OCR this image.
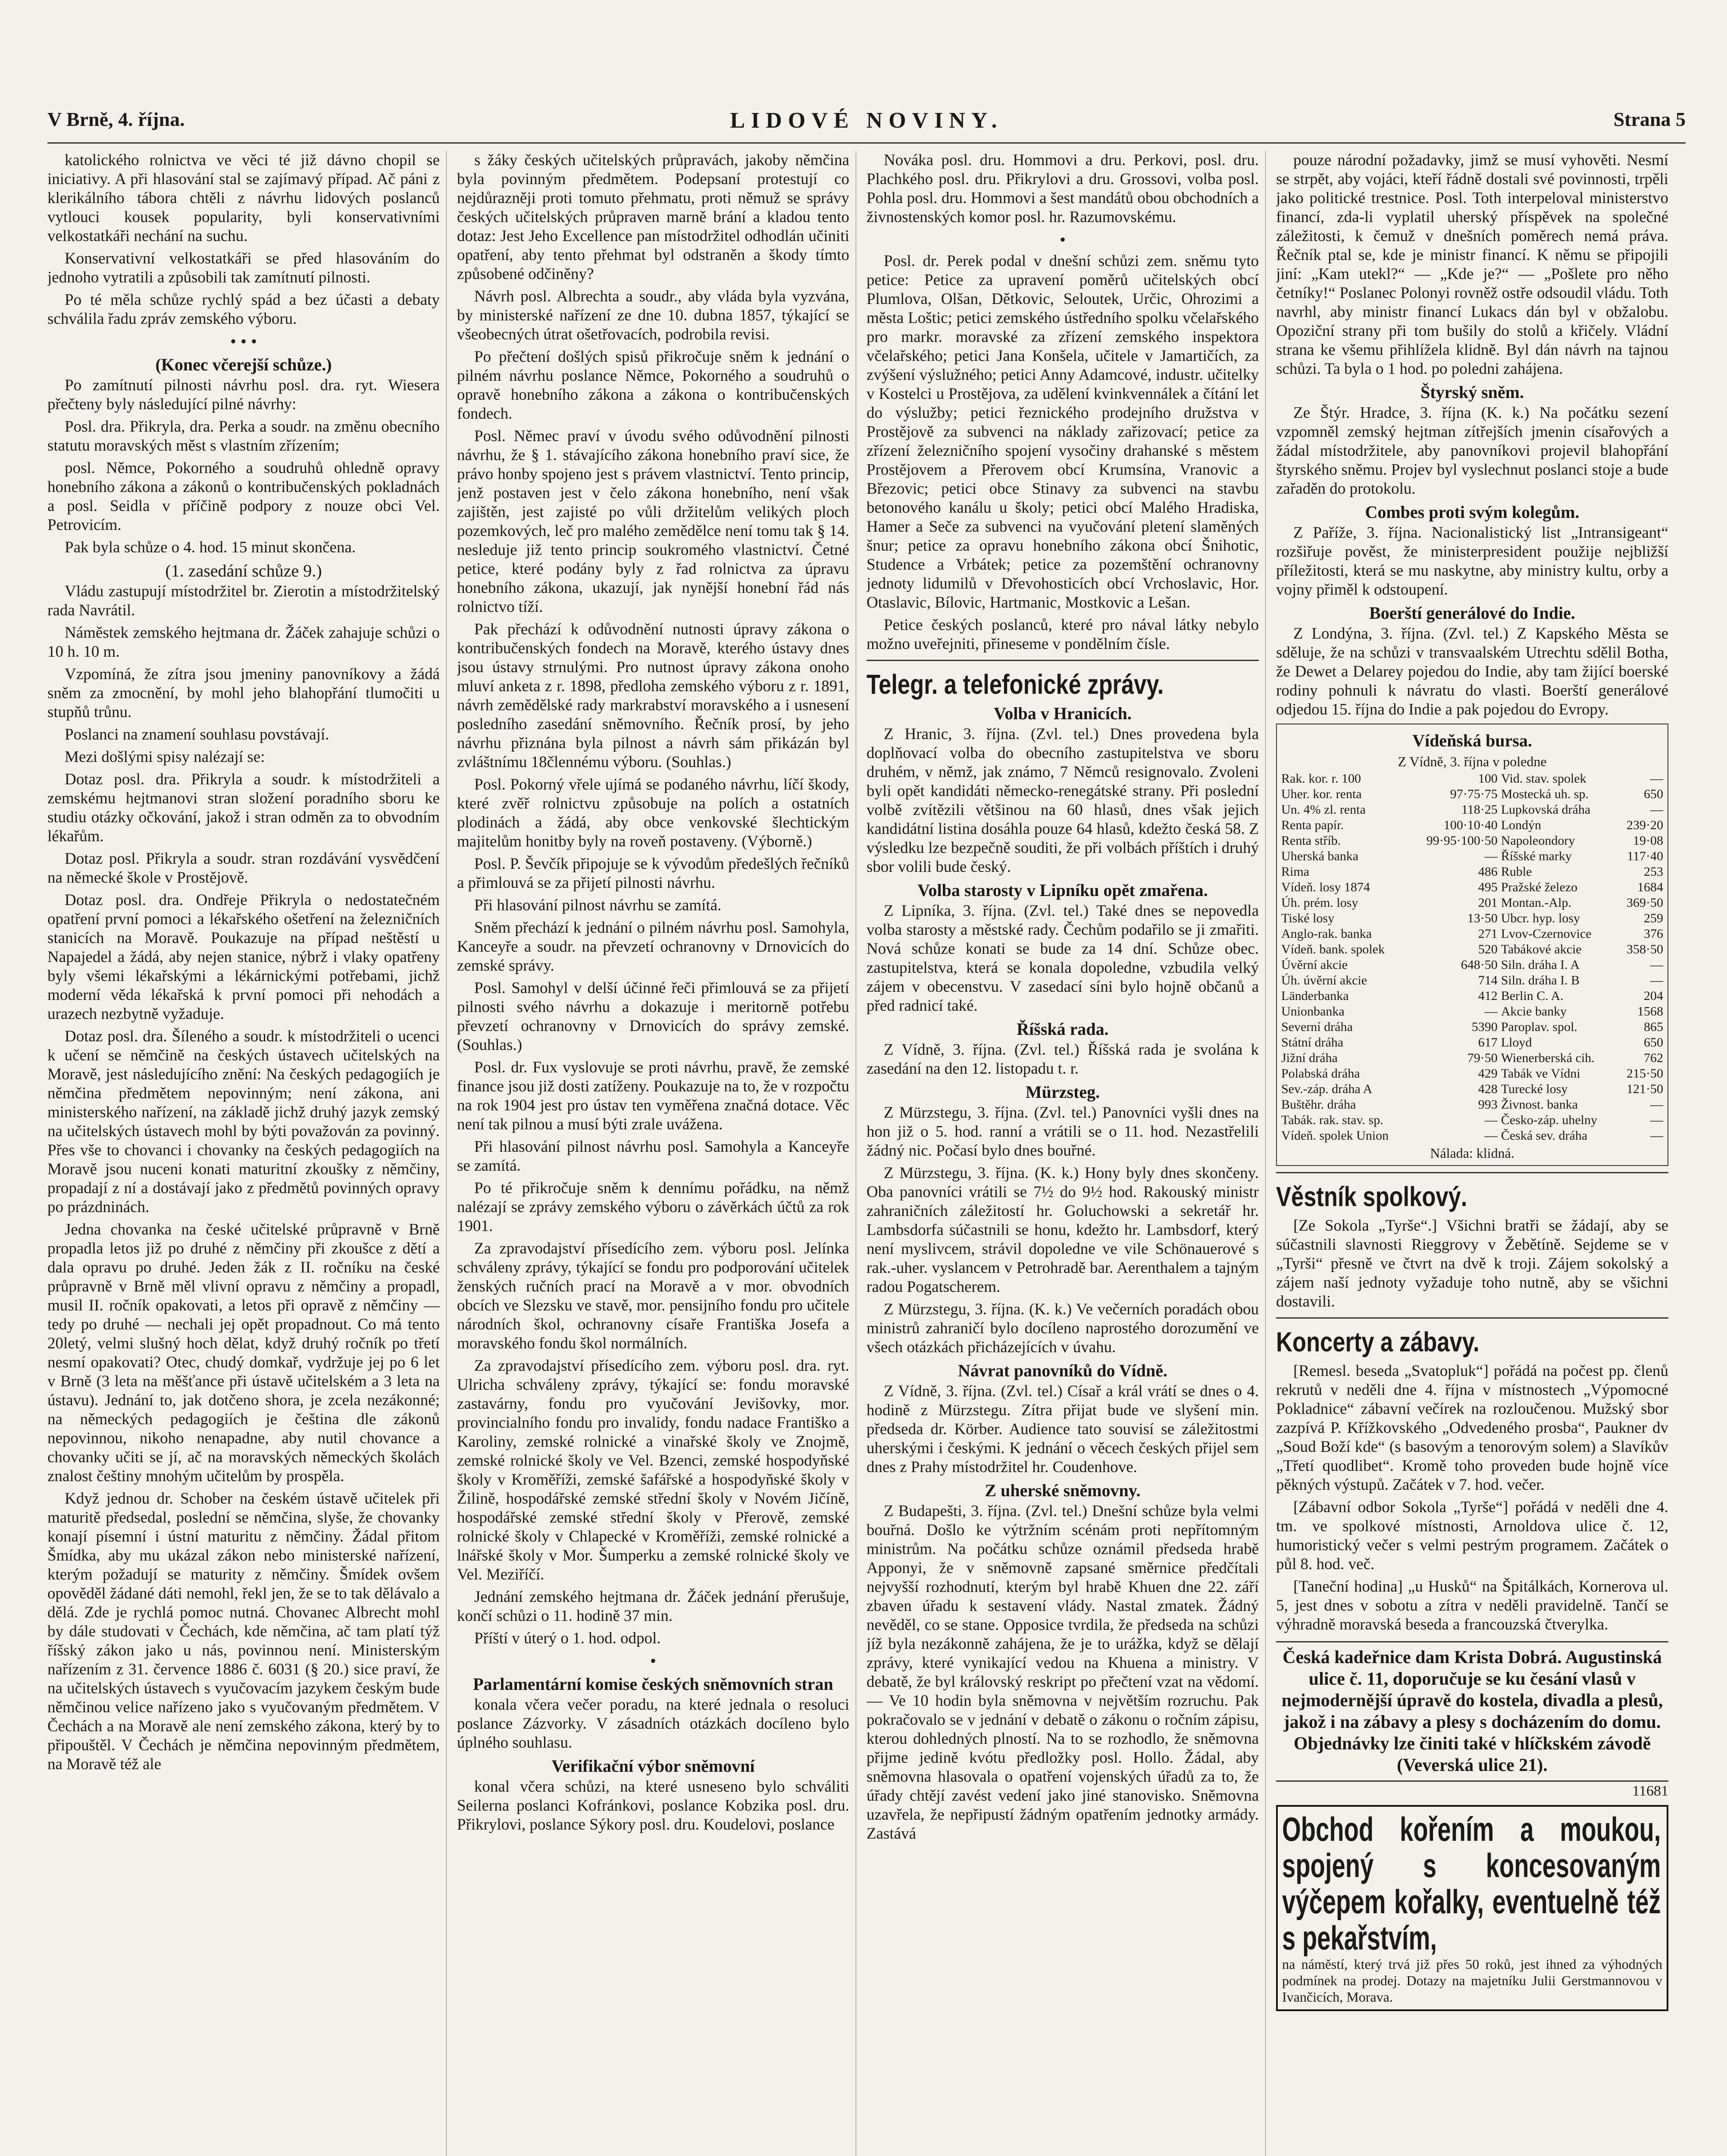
V Brně, 4. října.	LIDOVÉ NOVINY.	Strana 5

katolického rolnictva ve věci té již dávno chopil se iniciativy. A při hlasování stal se zajímavý případ. Ač páni z klerikálního tábora chtěli z návrhu lidových poslanců vytlouci kousek popularity, byli konservativními velkostatkáři nechání na suchu.

Konservativní velkostatkáři se před hlasováním do jednoho vytratili a způsobili tak zamítnutí pilnosti.

Po té měla schůze rychlý spád a bez účasti a debaty schválila řadu zpráv zemského výboru.

• • •
(Konec včerejší schůze.)

Po zamítnutí pilnosti návrhu posl. dra. ryt. Wiesera přečteny byly následující pilné návrhy:

Posl. dra. Přikryla, dra. Perka a soudr. na změnu obecního statutu moravských měst s vlastním zřízením;

posl. Němce, Pokorného a soudruhů ohledně opravy honebního zákona a zákonů o kontribučenských pokladnách a posl. Seidla v příčině podpory z nouze obci Vel. Petrovicím.

Pak byla schůze o 4. hod. 15 minut skončena.

(1. zasedání schůze 9.)

Vládu zastupují místodržitel br. Zierotin a místodržitelský rada Navrátil.

Náměstek zemského hejtmana dr. Žáček zahajuje schůzi o 10 h. 10 m.

Vzpomíná, že zítra jsou jmeniny panovníkovy a žádá sněm za zmocnění, by mohl jeho blahopřání tlumočiti u stupňů trůnu.

Poslanci na znamení souhlasu povstávají.

Mezi došlými spisy nalézají se:

Dotaz posl. dra. Přikryla a soudr. k místodržiteli a zemskému hejtmanovi stran složení poradního sboru ke studiu otázky očkování, jakož i stran odměn za to obvodním lékařům.

Dotaz posl. Přikryla a soudr. stran rozdávání vysvědčení na německé škole v Prostějově.

Dotaz posl. dra. Ondřeje Přikryla o nedostatečném opatření první pomoci a lékařského ošetření na železničních stanicích na Moravě. Poukazuje na případ neštěstí u Napajedel a žádá, aby nejen stanice, nýbrž i vlaky opatřeny byly všemi lékařskými a lékárnickými potřebami, jichž moderní věda lékařská k první pomoci při nehodách a urazech nezbytně vyžaduje.

Dotaz posl. dra. Šíleného a soudr. k místodržiteli o ucenci k učení se němčině na českých ústavech učitelských na Moravě, jest následujícího znění: Na českých pedagogiích je němčina předmětem nepovinným; není zákona, ani ministerského nařízení, na základě jichž druhý jazyk zemský na učitelských ústavech mohl by býti považován za povinný. Přes vše to chovanci i chovanky na českých pedagogiích na Moravě jsou nuceni konati maturitní zkoušky z němčiny, propadají z ní a dostávají jako z předmětů povinných opravy po prázdninách.

Jedna chovanka na české učitelské průpravně v Brně propadla letos již po druhé z němčiny při zkoušce z dětí a dala opravu po druhé. Jeden žák z II. ročníku na české průpravně v Brně měl vlivní opravu z němčiny a propadl, musil II. ročník opakovati, a letos při opravě z němčiny — tedy po druhé — nechali jej opět propadnout. Co má tento 20letý, velmi slušný hoch dělat, když druhý ročník po třetí nesmí opakovati? Otec, chudý domkař, vydržuje jej po 6 let v Brně (3 leta na měšťance při ústavě učitelském a 3 leta na ústavu). Jednání to, jak dotčeno shora, je zcela nezákonné; na německých pedagogiích je čeština dle zákonů nepovinnou, nikoho nenapadne, aby nutil chovance a chovanky učiti se jí, ač na moravských německých školách znalost češtiny mnohým učitelům by prospěla.

Když jednou dr. Schober na českém ústavě učitelek při maturitě předsedal, poslední se němčina, slyše, že chovanky konají písemní i ústní maturitu z němčiny. Žádal přitom Šmídka, aby mu ukázal zákon nebo ministerské nařízení, kterým požadují se maturity z němčiny. Šmídek ovšem opověděl žádané dáti nemohl, řekl jen, že se to tak dělávalo a dělá. Zde je rychlá pomoc nutná. Chovanec Albrecht mohl by dále studovati v Čechách, kde němčina, ač tam platí týž říšský zákon jako u nás, povinnou není. Ministerským nařízením z 31. července 1886 č. 6031 (§ 20.) sice praví, že na učitelských ústavech s vyučovacím jazykem českým bude němčinou velice nařízeno jako s vyučovaným předmětem. V Čechách a na Moravě ale není zemského zákona, který by to připouštěl. V Čechách je němčina nepovinným předmětem, na Moravě též ale

s žáky českých učitelských průpravách, jakoby němčina byla povinným předmětem. Podepsaní protestují co nejdůrazněji proti tomuto přehmatu, proti němuž se správy českých učitelských průpraven marně brání a kladou tento dotaz: Jest Jeho Excellence pan místodržitel odhodlán učiniti opatření, aby tento přehmat byl odstraněn a škody tímto způsobené odčiněny?

Návrh posl. Albrechta a soudr., aby vláda byla vyzvána, by ministerské nařízení ze dne 10. dubna 1857, týkající se všeobecných útrat ošetřovacích, podrobila revisi.

Po přečtení došlých spisů přikročuje sněm k jednání o pilném návrhu poslance Němce, Pokorného a soudruhů o opravě honebního zákona a zákona o kontribučenských fondech.

Posl. Němec praví v úvodu svého odůvodnění pilnosti návrhu, že § 1. stávajícího zákona honebního praví sice, že právo honby spojeno jest s právem vlastnictví. Tento princip, jenž postaven jest v čelo zákona honebního, není však zajištěn, jest zajisté po vůli držitelům velikých ploch pozemkových, leč pro malého zemědělce není tomu tak § 14. nesleduje již tento princip soukromého vlastnictví. Četné petice, které podány byly z řad rolnictva za úpravu honebního zákona, ukazují, jak nynější honební řád nás rolnictvo tíží.

Pak přechází k odůvodnění nutnosti úpravy zákona o kontribučenských fondech na Moravě, kterého ústavy dnes jsou ústavy strnulými. Pro nutnost úpravy zákona onoho mluví anketa z r. 1898, předloha zemského výboru z r. 1891, návrh zemědělské rady markrabství moravského a i usnesení posledního zasedání sněmovního. Řečník prosí, by jeho návrhu přiznána byla pilnost a návrh sám přikázán byl zvláštnímu 18člennému výboru. (Souhlas.)

Posl. Pokorný vřele ujímá se podaného návrhu, líčí škody, které zvěř rolnictvu způsobuje na polích a ostatních plodinách a žádá, aby obce venkovské šlechtickým majitelům honitby byly na roveň postaveny. (Výborně.)

Posl. P. Ševčík připojuje se k vývodům předešlých řečníků a přimlouvá se za přijetí pilnosti návrhu.

Při hlasování pilnost návrhu se zamítá.

Sněm přechází k jednání o pilném návrhu posl. Samohyla, Kanceyře a soudr. na převzetí ochranovny v Drnovicích do zemské správy.

Posl. Samohyl v delší účinné řeči přimlouvá se za přijetí pilnosti svého návrhu a dokazuje i meritorně potřebu převzetí ochranovny v Drnovicích do správy zemské. (Souhlas.)

Posl. dr. Fux vyslovuje se proti návrhu, pravě, že zemské finance jsou již dosti zatíženy. Poukazuje na to, že v rozpočtu na rok 1904 jest pro ústav ten vyměřena značná dotace. Věc není tak pilnou a musí býti zrale uvážena.

Při hlasování pilnost návrhu posl. Samohyla a Kanceyře se zamítá.

Po té přikročuje sněm k dennímu pořádku, na němž nalézají se zprávy zemského výboru o závěrkách účtů za rok 1901.

Za zpravodajství přísedícího zem. výboru posl. Jelínka schváleny zprávy, týkající se fondu pro podporování učitelek ženských ručních prací na Moravě a v mor. obvodních obcích ve Slezsku ve stavě, mor. pensijního fondu pro učitele národních škol, ochranovny císaře Františka Josefa a moravského fondu škol normálních.

Za zpravodajství přísedícího zem. výboru posl. dra. ryt. Ulricha schváleny zprávy, týkající se: fondu moravské zastavárny, fondu pro vyučování Jevišovky, mor. provincialního fondu pro invalidy, fondu nadace Františko a Karoliny, zemské rolnické a vinařské školy ve Znojmě, zemské rolnické školy ve Vel. Bzenci, zemské hospodyňské školy v Kroměříži, zemské šafářské a hospodyňské školy v Žilině, hospodářské zemské střední školy v Novém Jičíně, hospodářské zemské střední školy v Přerově, zemské rolnické školy v Chlapecké v Kroměříži, zemské rolnické a lnářské školy v Mor. Šumperku a zemské rolnické školy ve Vel. Meziříčí.

Jednání zemského hejtmana dr. Žáček jednání přerušuje, končí schůzi o 11. hodině 37 min.

Příští v úterý o 1. hod. odpol.

•
Parlamentární komise českých sněmovních stran

konala včera večer poradu, na které jednala o resoluci poslance Zázvorky. V zásadních otázkách docíleno bylo úplného souhlasu.

Verifikační výbor sněmovní

konal včera schůzi, na které usneseno bylo schváliti Seilerna poslanci Kofránkovi, poslance Kobzika posl. dru. Přikrylovi, poslance Sýkory posl. dru. Koudelovi, poslance

Nováka posl. dru. Hommovi a dru. Perkovi, posl. dru. Plachkého posl. dru. Přikrylovi a dru. Grossovi, volba posl. Pohla posl. dru. Hommovi a šest mandátů obou obchodních a živnostenských komor posl. hr. Razumovskému.

•

Posl. dr. Perek podal v dnešní schůzi zem. sněmu tyto petice: Petice za upravení poměrů učitelských obcí Plumlova, Olšan, Dětkovic, Seloutek, Určic, Ohrozimi a města Loštic; petici zemského ústředního spolku včelařského pro markr. moravské za zřízení zemského inspektora včelařského; petici Jana Konšela, učitele v Jamartičích, za zvýšení výslužného; petici Anny Adamcové, industr. učitelky v Kostelci u Prostějova, za udělení kvinkvennálek a čítání let do výslužby; petici řeznického prodejního družstva v Prostějově za subvenci na náklady zařizovací; petice za zřízení železničního spojení vysočiny drahanské s městem Prostějovem a Přerovem obcí Krumsína, Vranovic a Březovic; petici obce Stinavy za subvenci na stavbu betonového kanálu u školy; petici obcí Malého Hradiska, Hamer a Seče za subvenci na vyučování pletení slaměných šnur; petice za opravu honebního zákona obcí Šnihotic, Studence a Vrbátek; petice za pozemštění ochranovny jednoty lidumilů v Dřevohosticích obcí Vrchoslavic, Hor. Otaslavic, Bílovic, Hartmanic, Mostkovic a Lešan.

Petice českých poslanců, které pro nával látky nebylo možno uveřejniti, přineseme v pondělním čísle.

Telegr. a telefonické zprávy.
Volba v Hranicích.

Z Hranic, 3. října. (Zvl. tel.) Dnes provedena byla doplňovací volba do obecního zastupitelstva ve sboru druhém, v němž, jak známo, 7 Němců resignovalo. Zvoleni byli opět kandidáti německo-renegátské strany. Při poslední volbě zvítězili většinou na 60 hlasů, dnes však jejich kandidátní listina dosáhla pouze 64 hlasů, kdežto česká 58. Z výsledku lze bezpečně souditi, že při volbách příštích i druhý sbor volili bude český.

Volba starosty v Lipníku opět zmařena.

Z Lipníka, 3. října. (Zvl. tel.) Také dnes se nepovedla volba starosty a městské rady. Čechům podařilo se ji zmařiti. Nová schůze konati se bude za 14 dní. Schůze obec. zastupitelstva, která se konala dopoledne, vzbudila velký zájem v obecenstvu. V zasedací síni bylo hojně občanů a před radnicí také.

Říšská rada.

Z Vídně, 3. října. (Zvl. tel.) Říšská rada je svolána k zasedání na den 12. listopadu t. r.

Mürzsteg.

Z Mürzstegu, 3. října. (Zvl. tel.) Panovníci vyšli dnes na hon již o 5. hod. ranní a vrátili se o 11. hod. Nezastřelili žádný nic. Počasí bylo dnes bouřné.

Z Mürzstegu, 3. října. (K. k.) Hony byly dnes skončeny. Oba panovníci vrátili se 7½ do 9½ hod. Rakouský ministr zahraničních záležitostí hr. Goluchowski a sekretář hr. Lambsdorfa súčastnili se honu, kdežto hr. Lambsdorf, který není myslivcem, strávil dopoledne ve vile Schönauerové s rak.-uher. vyslancem v Petrohradě bar. Aerenthalem a tajným radou Pogatscherem.

Z Mürzstegu, 3. října. (K. k.) Ve večerních poradách obou ministrů zahraničí bylo docíleno naprostého dorozumění ve všech otázkách přicházejících v úvahu.

Návrat panovníků do Vídně.

Z Vídně, 3. října. (Zvl. tel.) Císař a král vrátí se dnes o 4. hodině z Mürzstegu. Zítra přijat bude ve slyšení min. předseda dr. Körber. Audience tato souvisí se záležitostmi uherskými i českými. K jednání o věcech českých přijel sem dnes z Prahy místodržitel hr. Coudenhove.

Z uherské sněmovny.

Z Budapešti, 3. října. (Zvl. tel.) Dnešní schůze byla velmi bouřná. Došlo ke výtržním scénám proti nepřítomným ministrům. Na počátku schůze oznámil předseda hrabě Apponyi, že v sněmovně zapsané směrnice předčítali nejvyšší rozhodnutí, kterým byl hrabě Khuen dne 22. září zbaven úřadu k sestavení vlády. Nastal zmatek. Žádný nevěděl, co se stane. Opposice tvrdila, že předseda na schůzi jíž byla nezákonně zahájena, že je to urážka, když se dělají zprávy, které vynikající vedou na Khuena a ministry. V debatě, že byl královský reskript po přečtení vzat na vědomí. — Ve 10 hodin byla sněmovna v největším rozruchu. Pak pokračovalo se v jednání v debatě o zákonu o ročním zápisu, kterou dohledných plností. Na to se rozhodlo, že sněmovna přijme jedině kvótu předložky posl. Hollo. Žádal, aby sněmovna hlasovala o opatření vojenských úřadů za to, že úřady chtějí zavést vedení jako jiné stanovisko. Sněmovna uzavřela, že nepřipustí žádným opatřením jednotky armády. Zastává

pouze národní požadavky, jimž se musí vyhověti. Nesmí se strpět, aby vojáci, kteří řádně dostali své povinnosti, trpěli jako politické trestnice. Posl. Toth interpeloval ministerstvo financí, zda-li vyplatil uherský příspěvek na společné záležitosti, k čemuž v dnešních poměrech nemá práva. Řečník ptal se, kde je ministr financí. K němu se připojili jiní: „Kam utekl?“ — „Kde je?“ — „Pošlete pro něho četníky!“ Poslanec Polonyi rovněž ostře odsoudil vládu. Toth navrhl, aby ministr financí Lukacs dán byl v obžalobu. Opoziční strany při tom bušily do stolů a křičely. Vládní strana ke všemu přihlížela klidně. Byl dán návrh na tajnou schůzi. Ta byla o 1 hod. po poledni zahájena.

Štyrský sněm.

Ze Štýr. Hradce, 3. října (K. k.) Na počátku sezení vzpomněl zemský hejtman zítřejších jmenin císařových a žádal místodržitele, aby panovníkovi projevil blahopřání štyrského sněmu. Projev byl vyslechnut poslanci stoje a bude zařaděn do protokolu.

Combes proti svým kolegům.

Z Paříže, 3. října. Nacionalistický list „Intransigeant“ rozšiřuje pověst, že ministerpresident použije nejbližší příležitosti, která se mu naskytne, aby ministry kultu, orby a vojny přiměl k odstoupení.

Boerští generálové do Indie.

Z Londýna, 3. října. (Zvl. tel.) Z Kapského Města se sděluje, že na schůzi v transvaalském Utrechtu sdělil Botha, že Dewet a Delarey pojedou do Indie, aby tam žijící boerské rodiny pohnuli k návratu do vlasti. Boerští generálové odjedou 15. října do Indie a pak pojedou do Evropy.

Vídeňská bursa.
Z Vídně, 3. října v poledne
Rak. kor. r. 100	100	Vid. stav. spolek	—
Uher. kor. renta	97·75·75	Mostecká uh. sp.	650
Un. 4% zl. renta	118·25	Lupkovská dráha	—
Renta papír.	100·10·40	Londýn	239·20
Renta stříb.	99·95·100·50	Napoleondory	19·08
Uherská banka	—	Říšské marky	117·40
Rima	486	Ruble	253
Vídeň. losy 1874	495	Pražské železo	1684
Úh. prém. losy	201	Montan.-Alp.	369·50
Tiské losy	13·50	Ubcr. hyp. losy	259
Anglo-rak. banka	271	Lvov-Czernovice	376
Vídeň. bank. spolek	520	Tabákové akcie	358·50
Úvěrní akcie	648·50	Siln. dráha I. A	—
Úh. úvěrní akcie	714	Siln. dráha I. B	—
Länderbanka	412	Berlin C. A.	204
Unionbanka	—	Akcie banky	1568
Severní dráha	5390	Paroplav. spol.	865
Státní dráha	617	Lloyd	650
Jižní dráha	79·50	Wienerberská cih.	762
Polabská dráha	429	Tabák ve Vídni	215·50
Sev.-záp. dráha A	428	Turecké losy	121·50
Buštěhr. dráha	993	Živnost. banka	—
Tabák. rak. stav. sp.	—	Česko-záp. uhelny	—
Vídeň. spolek Union	—	Česká sev. dráha	—
Nálada: klidná.
Věstník spolkový.

[Ze Sokola „Tyrše“.] Všichni bratři se žádají, aby se súčastnili slavnosti Rieggrovy v Žebětíně. Sejdeme se v „Tyrši“ přesně ve čtvrt na dvě k troji. Zájem sokolský a zájem naší jednoty vyžaduje toho nutně, aby se všichni dostavili.

Koncerty a zábavy.

[Remesl. beseda „Svatopluk“] pořádá na počest pp. členů rekrutů v neděli dne 4. října v místnostech „Výpomocné Pokladnice“ zábavní večírek na rozloučenou. Mužský sbor zazpívá P. Křížkovského „Odvedeného prosba“, Paukner dv „Soud Boží kde“ (s basovým a tenorovým solem) a Slavíkův „Třetí quodlibet“. Kromě toho proveden bude hojně více pěkných výstupů. Začátek v 7. hod. večer.

[Zábavní odbor Sokola „Tyrše“] pořádá v neděli dne 4. tm. ve spolkové místnosti, Arnoldova ulice č. 12, humoristický večer s velmi pestrým programem. Začátek o půl 8. hod. več.

[Taneční hodina] „u Husků“ na Špitálkách, Kornerova ul. 5, jest dnes v sobotu a zítra v neděli pravidelně. Tančí se výhradně moravská beseda a francouzská čtverylka.

Česká kadeřnice dam Krista Dobrá. Augustinská ulice č. 11, doporučuje se ku česání vlasů v nejmodernější úpravě do kostela, divadla a plesů, jakož i na zábavy a plesy s docházením do domu. Objednávky lze činiti také v hlíčkském závodě (Veverská ulice 21).
11681
Obchod kořením a moukou, spojený s koncesovaným výčepem kořalky, eventuelně též s pekařstvím,
na náměstí, který trvá již přes 50 roků, jest ihned za výhodných podmínek na prodej. Dotazy na majetníku Julii Gerstmannovou v Ivančicích, Morava.
